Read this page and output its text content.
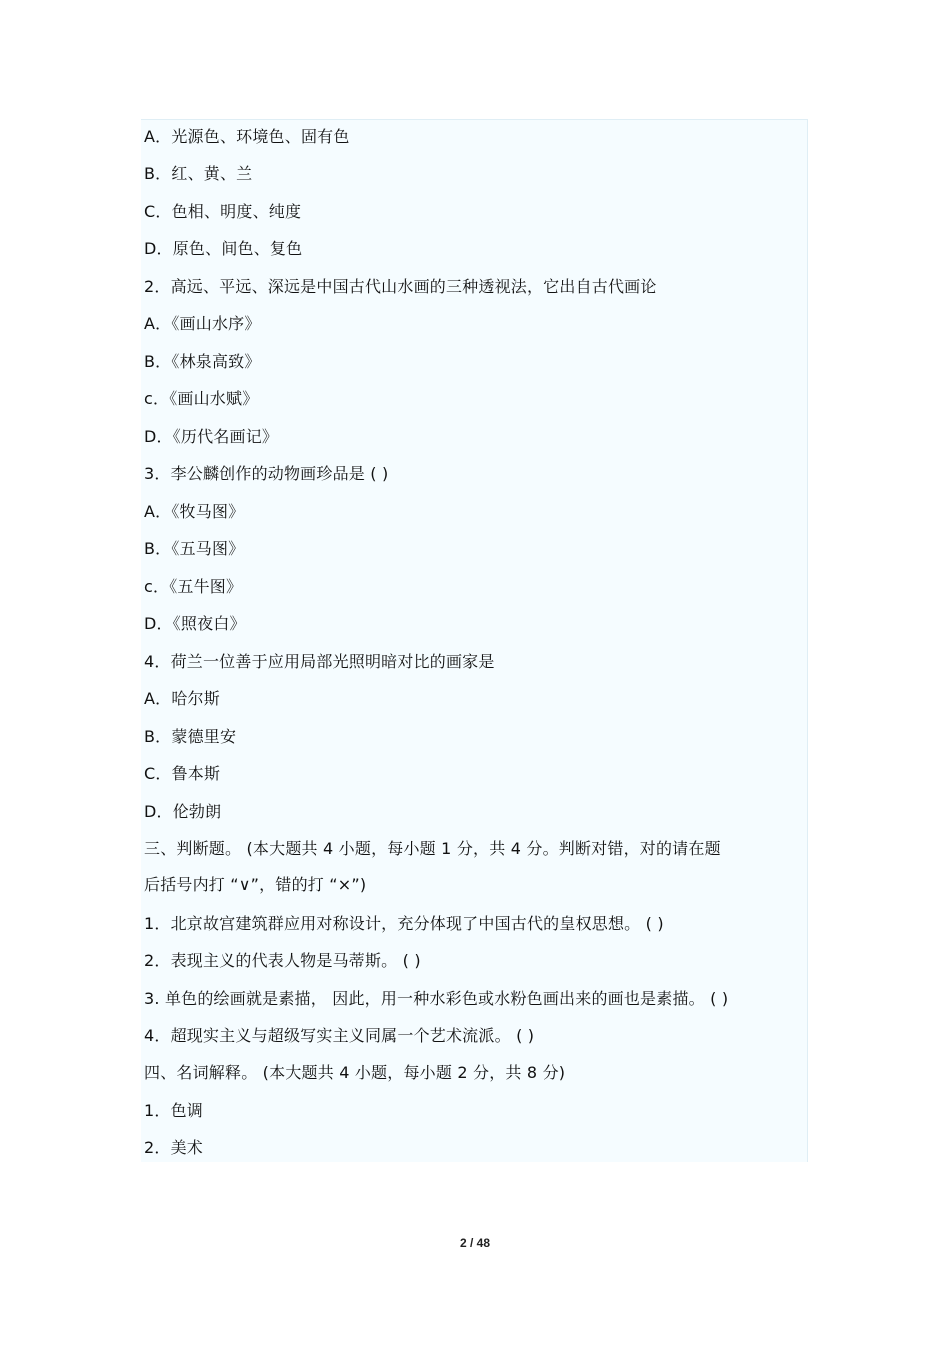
A．光源色、环境色、固有色
B．红、黄、兰
C．色相、明度、纯度
D．原色、间色、复色
2．高远、平远、深远是中国古代山水画的三种透视法，它出自古代画论
A．《画山水序》
B．《林泉高致》
c．《画山水赋》
D．《历代名画记》
3．李公麟创作的动物画珍品是 ( )
A．《牧马图》
B．《五马图》
c．《五牛图》
D．《照夜白》
4．荷兰一位善于应用局部光照明暗对比的画家是
A．哈尔斯
B．蒙德里安
C．鲁本斯
D．伦勃朗
三、判断题。 (本大题共 4 小题，每小题 1 分，共 4 分。判断对错，对的请在题
后括号内打 “∨”，错的打 “×”)
1．北京故宫建筑群应用对称设计，充分体现了中国古代的皇权思想。 ( )
2．表现主义的代表人物是马蒂斯。 ( )
3. 单色的绘画就是素描， 因此，用一种水彩色或水粉色画出来的画也是素描。 ( )
4．超现实主义与超级写实主义同属一个艺术流派。 ( )
四、名词解释。 (本大题共 4 小题，每小题 2 分，共 8 分)
1．色调
2．美术
2 / 48
